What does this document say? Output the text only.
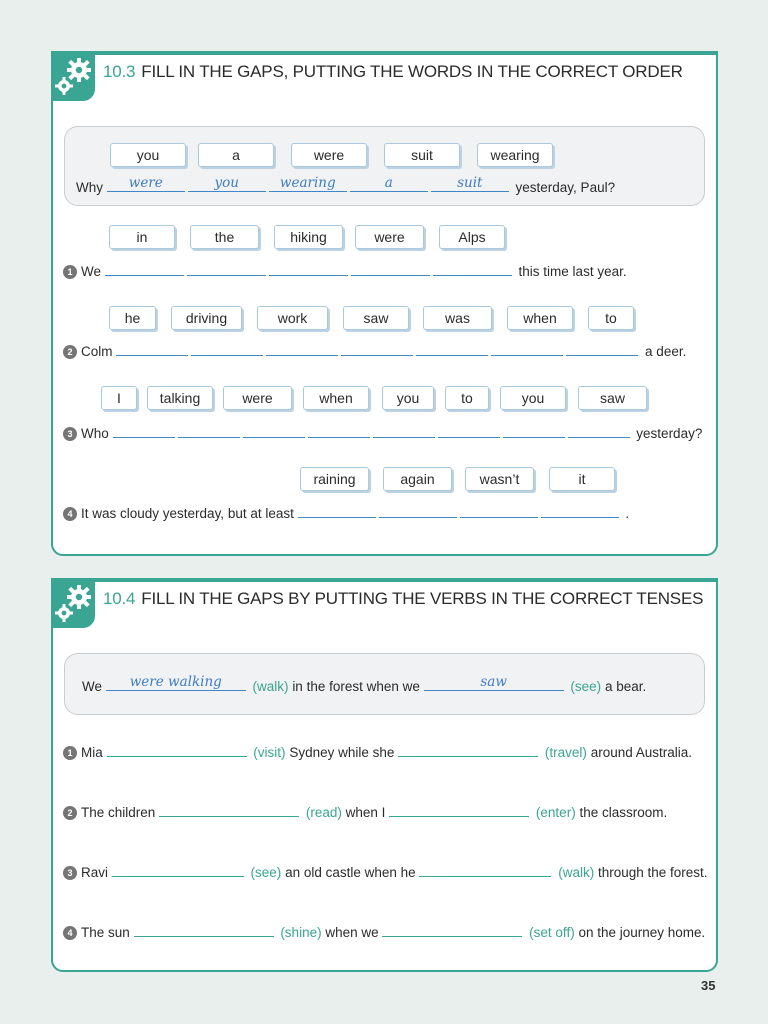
10.3 FILL IN THE GAPS, PUTTING THE WORDS IN THE CORRECT ORDER
you	a	were	suit	wearing
Why	were	you	wearing	a	suit	yesterday, Paul?
in	the	hiking	were	Alps
1 We	this time last year.
he	driving	work	saw	was	when	to
2 Colm	a deer.
I	talking	were	when	you	to	you	saw
3 Who	yesterday?
raining	again	wasn’t	it
4 It was cloudy yesterday, but at least	.
10.4 FILL IN THE GAPS BY PUTTING THE VERBS IN THE CORRECT TENSES
We	were walking	(walk) in the forest when we	saw	(see) a bear.
1 Mia	(visit) Sydney while she	(travel) around Australia.
2 The children	(read) when I	(enter) the classroom.
3 Ravi	(see) an old castle when he	(walk) through the forest.
4 The sun	(shine) when we	(set off) on the journey home.
35
